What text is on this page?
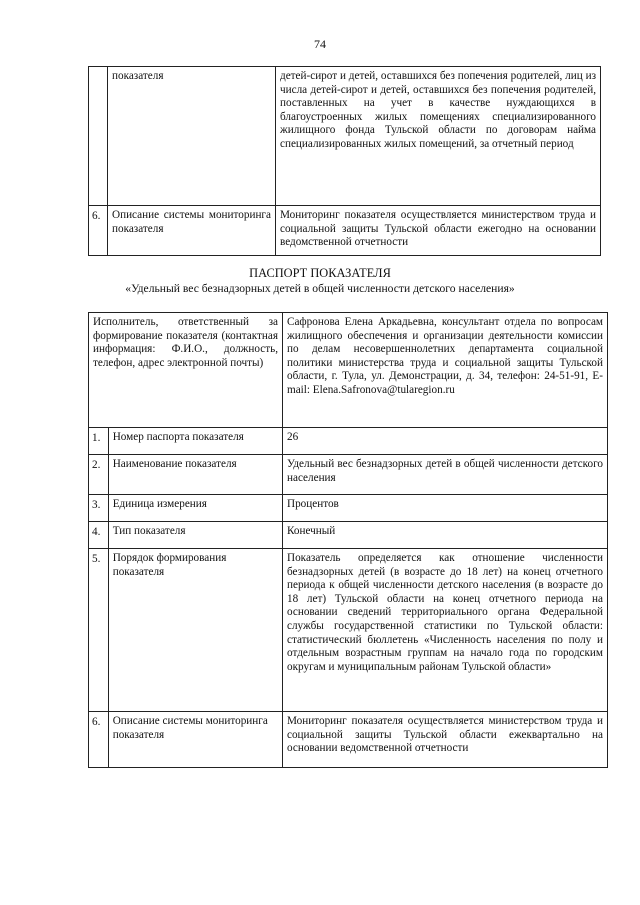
74
	показателя	детей-сирот и детей, оставшихся без попечения родителей, лиц из числа детей-сирот и детей, оставшихся без попечения родителей, поставленных на учет в качестве нуждающихся в благоустроенных жилых помещениях специализированного жилищного фонда Тульской области по договорам найма специализированных жилых помещений, за отчетный период
6.	Описание системы мониторинга показателя	Мониторинг показателя осуществляется министерством труда и социальной защиты Тульской области ежегодно на основании ведомственной отчетности
ПАСПОРТ ПОКАЗАТЕЛЯ
«Удельный вес безнадзорных детей в общей численности детского населения»
Исполнитель, ответственный за формирование показателя (контактная информация: Ф.И.О., должность, телефон, адрес электронной почты)		Сафронова Елена Аркадьевна, консультант отдела по вопросам жилищного обеспечения и организации деятельности комиссии по делам несовершеннолетних департамента социальной политики министерства труда и социальной защиты Тульской области, г. Тула, ул. Демонстрации, д. 34, телефон: 24-51-91, E-mail: Elena.Safronova@tularegion.ru
1.	Номер паспорта показателя	26
2.	Наименование показателя	Удельный вес безнадзорных детей в общей численности детского населения
3.	Единица измерения	Процентов
4.	Тип показателя	Конечный
5.	Порядок формирования показателя	Показатель определяется как отношение численности безнадзорных детей (в возрасте до 18 лет) на конец отчетного периода к общей численности детского населения (в возрасте до 18 лет) Тульской области на конец отчетного периода на основании сведений территориального органа Федеральной службы государственной статистики по Тульской области: статистический бюллетень «Численность населения по полу и отдельным возрастным группам на начало года по городским округам и муниципальным районам Тульской области»
6.	Описание системы мониторинга показателя	Мониторинг показателя осуществляется министерством труда и социальной защиты Тульской области ежеквартально на основании ведомственной отчетности
